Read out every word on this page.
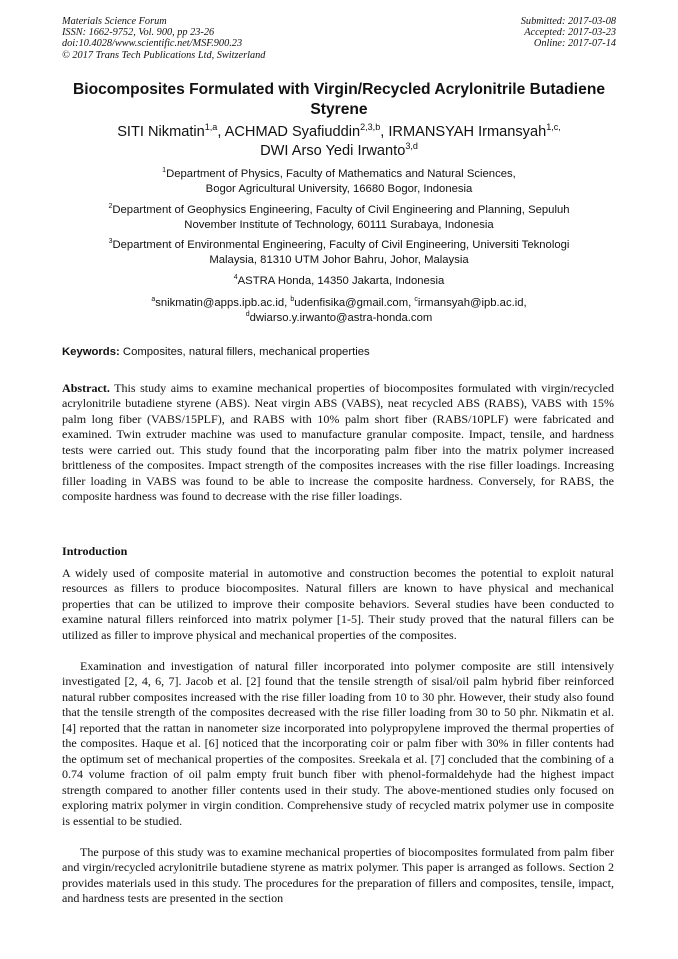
Materials Science Forum
ISSN: 1662-9752, Vol. 900, pp 23-26
doi:10.4028/www.scientific.net/MSF.900.23
© 2017 Trans Tech Publications Ltd, Switzerland
Submitted: 2017-03-08
Accepted: 2017-03-23
Online: 2017-07-14
Biocomposites Formulated with Virgin/Recycled Acrylonitrile Butadiene
Styrene
SITI Nikmatin$^{1,a}$, ACHMAD Syafiuddin$^{2,3,b}$, IRMANSYAH Irmansyah$^{1,c,}$
DWI Arso Yedi Irwanto$^{3,d}$
$^1$Department of Physics, Faculty of Mathematics and Natural Sciences,
Bogor Agricultural University, 16680 Bogor, Indonesia
$^2$Department of Geophysics Engineering, Faculty of Civil Engineering and Planning, Sepuluh
November Institute of Technology, 60111 Surabaya, Indonesia
$^3$Department of Environmental Engineering, Faculty of Civil Engineering, Universiti Teknologi
Malaysia, 81310 UTM Johor Bahru, Johor, Malaysia
$^4$ASTRA Honda, 14350 Jakarta, Indonesia
$^a$snikmatin@apps.ipb.ac.id, $^b$udenfisika@gmail.com, $^c$irmansyah@ipb.ac.id,
$^d$dwiarso.y.irwanto@astra-honda.com
Keywords: Composites, natural fillers, mechanical properties
Abstract. This study aims to examine mechanical properties of biocomposites formulated with virgin/recycled acrylonitrile butadiene styrene (ABS). Neat virgin ABS (VABS), neat recycled ABS (RABS), VABS with 15% palm long fiber (VABS/15PLF), and RABS with 10% palm short fiber (RABS/10PLF) were fabricated and examined. Twin extruder machine was used to manufacture granular composite. Impact, tensile, and hardness tests were carried out. This study found that the incorporating palm fiber into the matrix polymer increased brittleness of the composites. Impact strength of the composites increases with the rise filler loadings. Increasing filler loading in VABS was found to be able to increase the composite hardness. Conversely, for RABS, the composite hardness was found to decrease with the rise filler loadings.
Introduction
A widely used of composite material in automotive and construction becomes the potential to exploit natural resources as fillers to produce biocomposites. Natural fillers are known to have physical and mechanical properties that can be utilized to improve their composite behaviors. Several studies have been conducted to examine natural fillers reinforced into matrix polymer [1-5]. Their study proved that the natural fillers can be utilized as filler to improve physical and mechanical properties of the composites.
Examination and investigation of natural filler incorporated into polymer composite are still intensively investigated [2, 4, 6, 7]. Jacob et al. [2] found that the tensile strength of sisal/oil palm hybrid fiber reinforced natural rubber composites increased with the rise filler loading from 10 to 30 phr. However, their study also found that the tensile strength of the composites decreased with the rise filler loading from 30 to 50 phr. Nikmatin et al. [4] reported that the rattan in nanometer size incorporated into polypropylene improved the thermal properties of the composites. Haque et al. [6] noticed that the incorporating coir or palm fiber with 30% in filler contents had the optimum set of mechanical properties of the composites. Sreekala et al. [7] concluded that the combining of a 0.74 volume fraction of oil palm empty fruit bunch fiber with phenol-formaldehyde had the highest impact strength compared to another filler contents used in their study. The above-mentioned studies only focused on exploring matrix polymer in virgin condition. Comprehensive study of recycled matrix polymer use in composite is essential to be studied.
The purpose of this study was to examine mechanical properties of biocomposites formulated from palm fiber and virgin/recycled acrylonitrile butadiene styrene as matrix polymer. This paper is arranged as follows. Section 2 provides materials used in this study. The procedures for the preparation of fillers and composites, tensile, impact, and hardness tests are presented in the section
